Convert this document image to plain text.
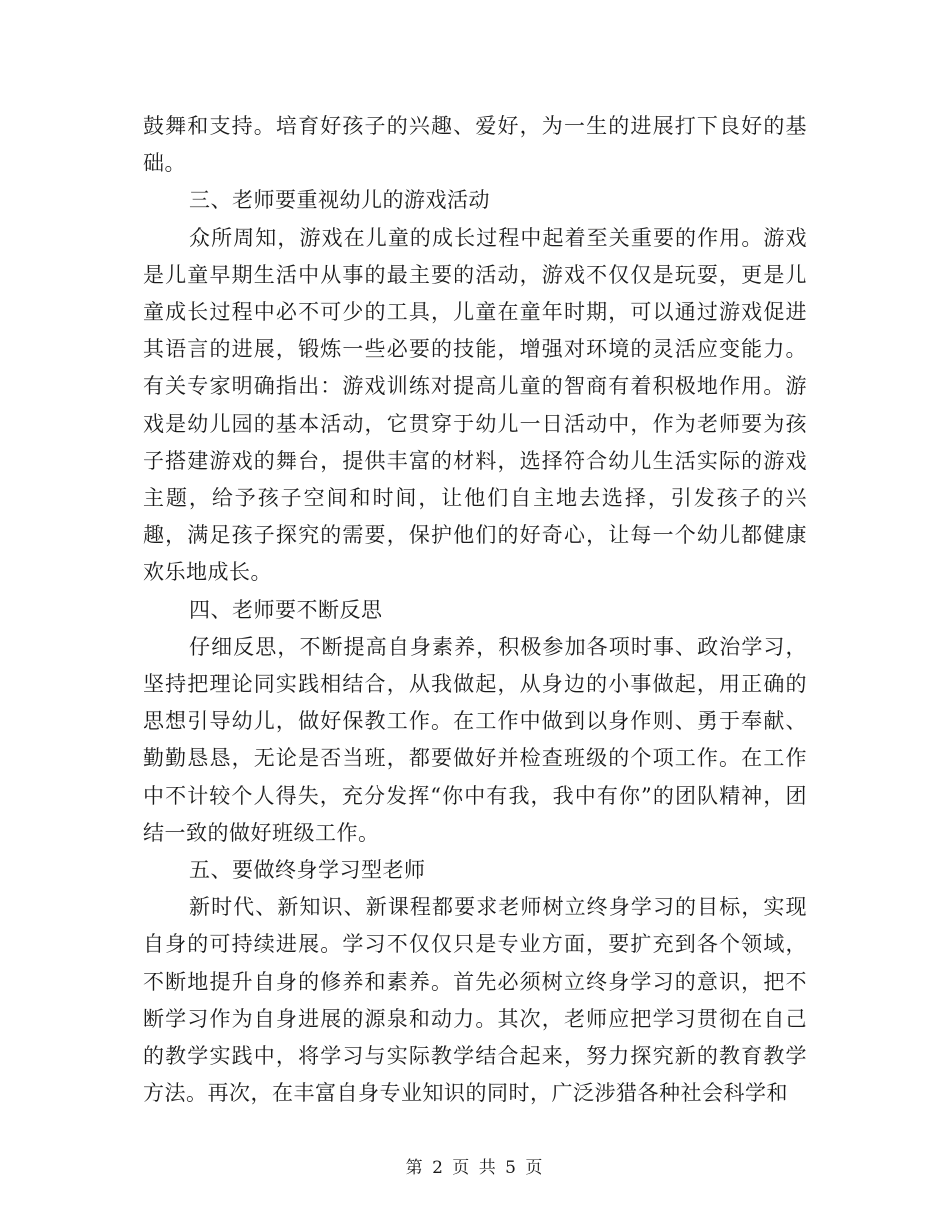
鼓舞和支持。培育好孩子的兴趣、爱好，为一生的进展打下良好的基础。

三、老师要重视幼儿的游戏活动

众所周知，游戏在儿童的成长过程中起着至关重要的作用。游戏是儿童早期生活中从事的最主要的活动，游戏不仅仅是玩耍，更是儿童成长过程中必不可少的工具，儿童在童年时期，可以通过游戏促进其语言的进展，锻炼一些必要的技能，增强对环境的灵活应变能力。有关专家明确指出：游戏训练对提高儿童的智商有着积极地作用。游戏是幼儿园的基本活动，它贯穿于幼儿一日活动中，作为老师要为孩子搭建游戏的舞台，提供丰富的材料，选择符合幼儿生活实际的游戏主题，给予孩子空间和时间，让他们自主地去选择，引发孩子的兴趣，满足孩子探究的需要，保护他们的好奇心，让每一个幼儿都健康欢乐地成长。

四、老师要不断反思

仔细反思，不断提高自身素养，积极参加各项时事、政治学习，坚持把理论同实践相结合，从我做起，从身边的小事做起，用正确的思想引导幼儿，做好保教工作。在工作中做到以身作则、勇于奉献、勤勤恳恳，无论是否当班，都要做好并检查班级的个项工作。在工作中不计较个人得失，充分发挥“你中有我，我中有你”的团队精神，团结一致的做好班级工作。

五、要做终身学习型老师

新时代、新知识、新课程都要求老师树立终身学习的目标，实现自身的可持续进展。学习不仅仅只是专业方面，要扩充到各个领域，不断地提升自身的修养和素养。首先必须树立终身学习的意识，把不断学习作为自身进展的源泉和动力。其次，老师应把学习贯彻在自己的教学实践中，将学习与实际教学结合起来，努力探究新的教育教学方法。再次，在丰富自身专业知识的同时，广泛涉猎各种社会科学和

第 2 页 共 5 页
